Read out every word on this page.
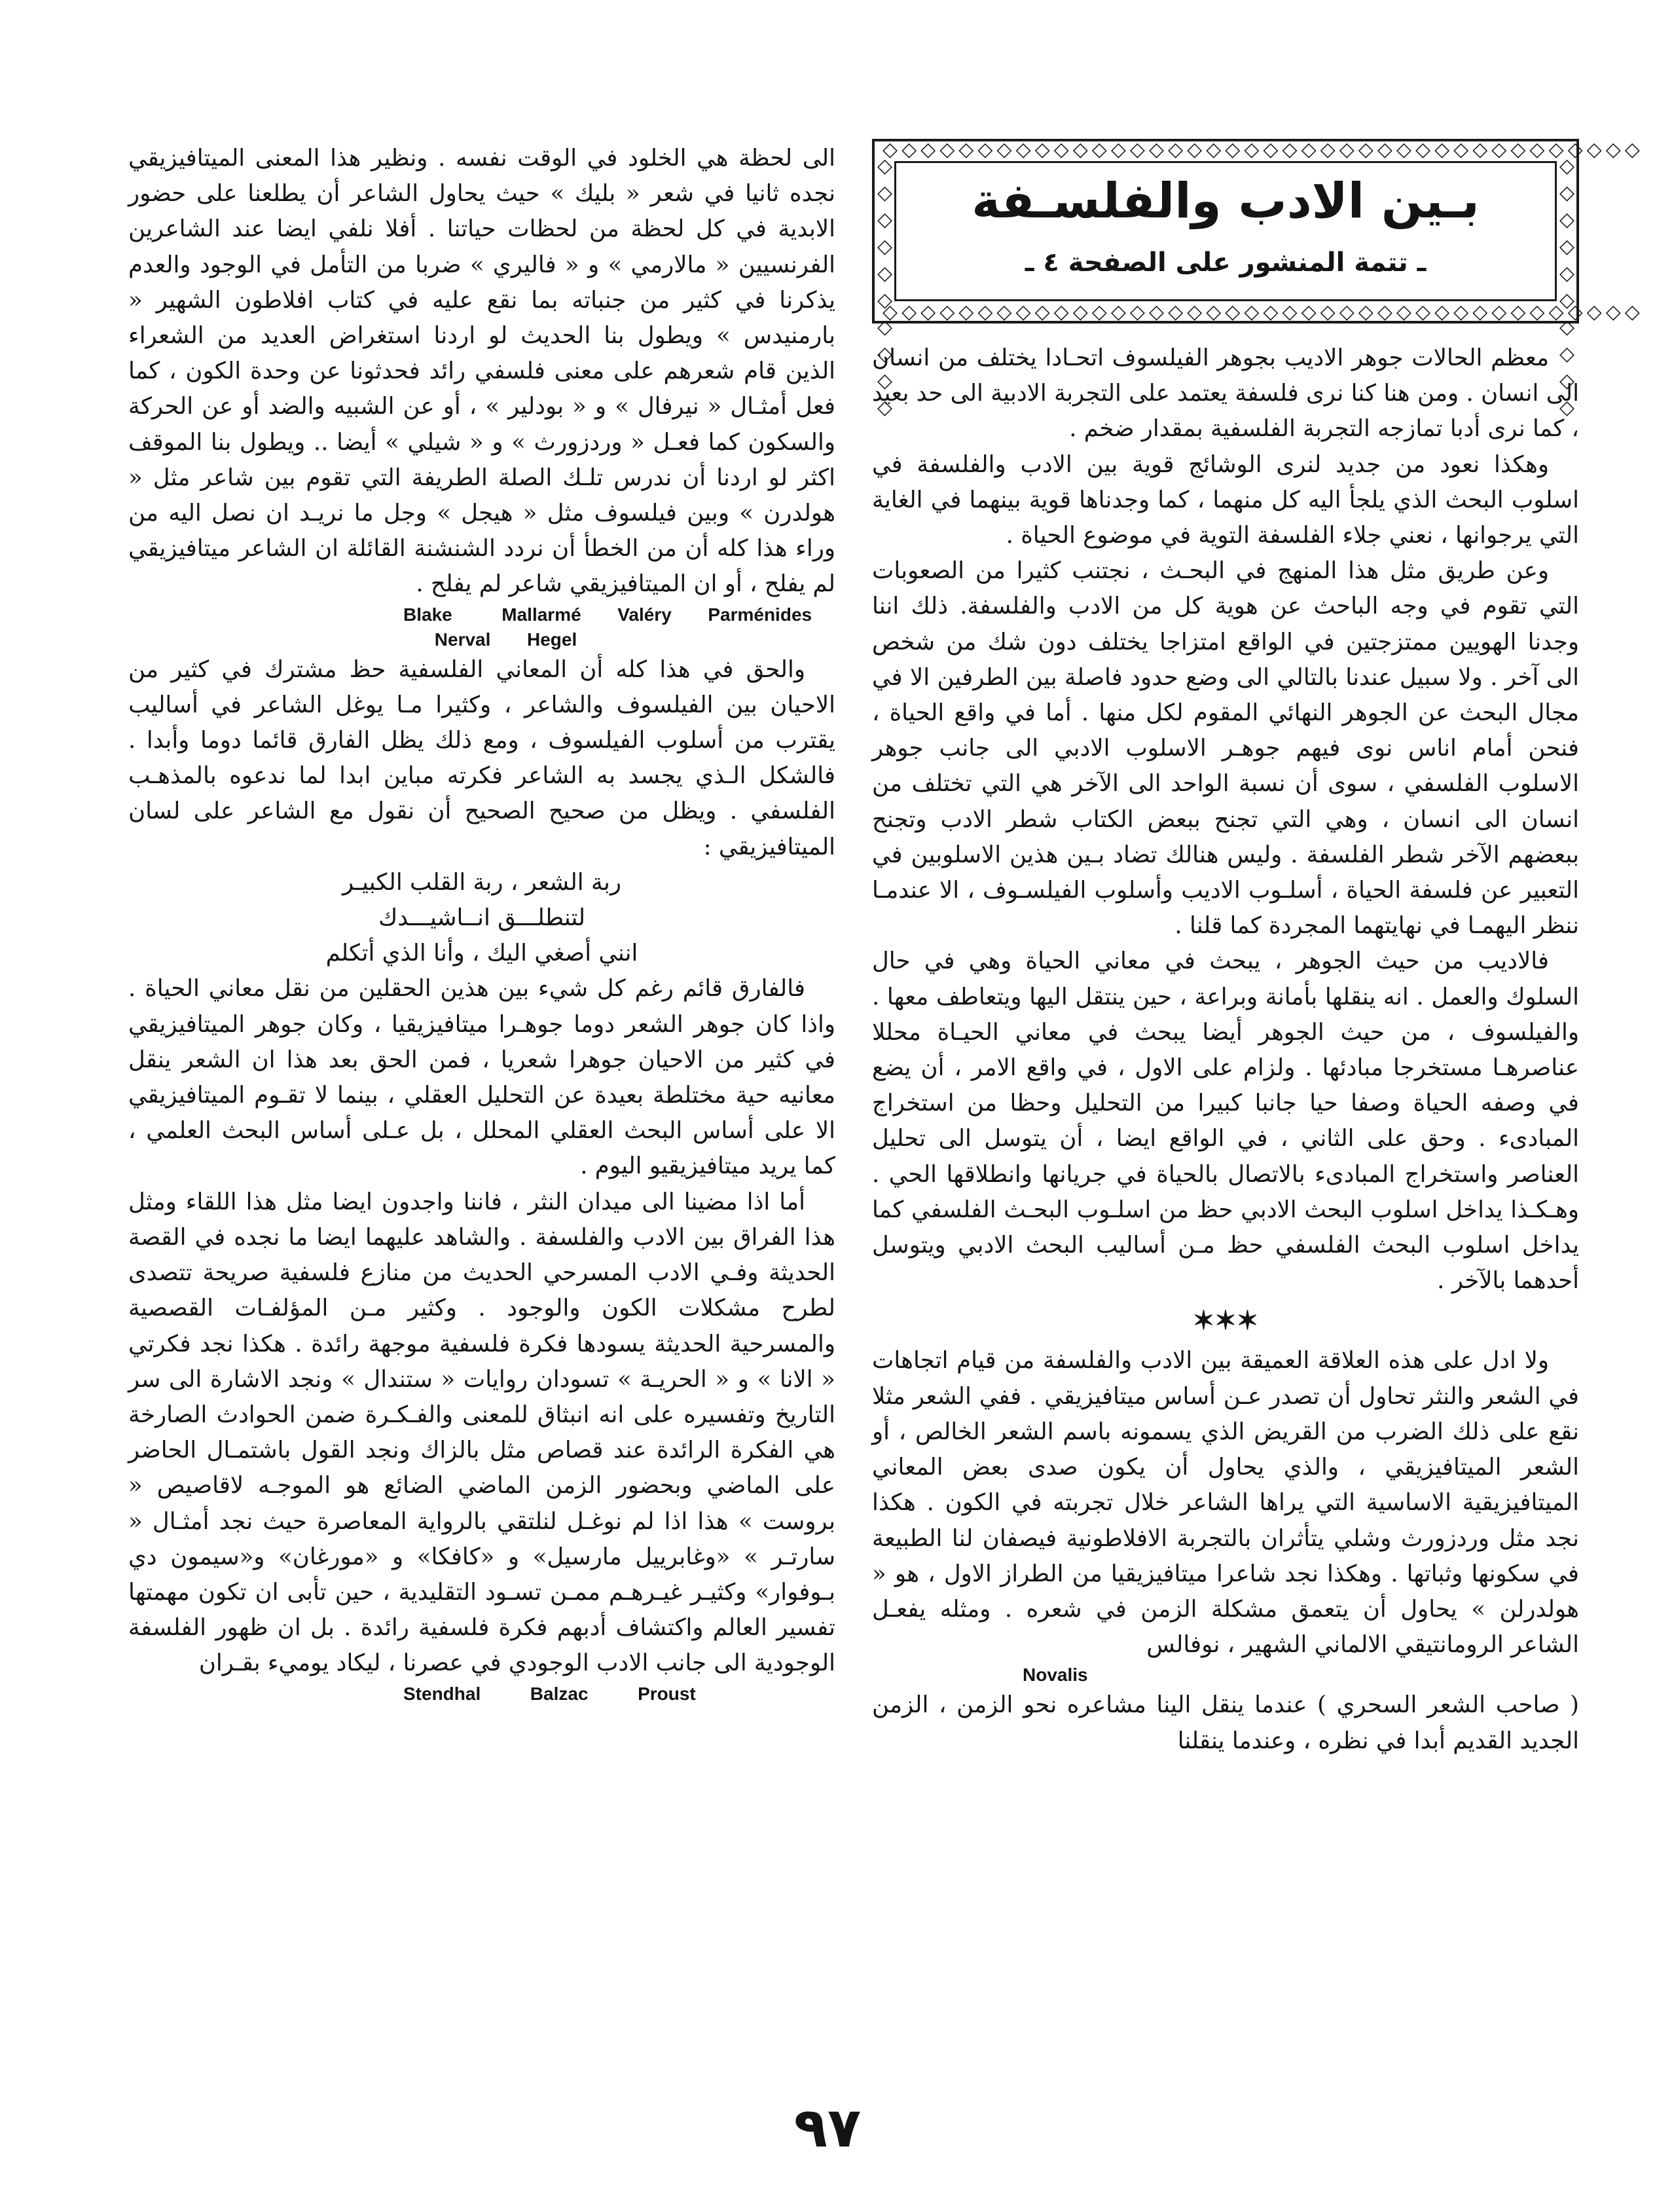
◇◇◇◇◇◇◇◇◇◇◇◇◇◇◇◇◇◇◇◇◇◇◇◇◇◇◇◇◇◇◇◇◇◇◇◇◇◇◇◇
◇◇◇◇◇◇◇◇◇◇◇◇◇◇◇◇◇◇◇◇◇◇◇◇◇◇◇◇◇◇◇◇◇◇◇◇◇◇◇◇
◇◇◇◇◇◇◇◇◇◇	◇◇◇◇◇◇◇◇◇◇
بـين الادب والفلسـفة
ـ تتمة المنشور على الصفحة ٤ ـ

معظم الحالات جوهر الاديب بجوهر الفيلسوف اتحـادا يختلف من انسان الى انسان . ومن هنا كنا نرى فلسفة يعتمد على التجربة الادبية الى حد بعيد ، كما نرى أدبا تمازجه التجربة الفلسفية بمقدار ضخم .

وهكذا نعود من جديد لنرى الوشائج قوية بين الادب والفلسفة في اسلوب البحث الذي يلجأ اليه كل منهما ، كما وجدناها قوية بينهما في الغاية التي يرجوانها ، نعني جلاء الفلسفة التوية في موضوع الحياة .

وعن طريق مثل هذا المنهج في البحـث ، نجتنب كثيرا من الصعوبات التي تقوم في وجه الباحث عن هوية كل من الادب والفلسفة. ذلك اننا وجدنا الهويين ممتزجتين في الواقع امتزاجا يختلف دون شك من شخص الى آخر . ولا سبيل عندنا بالتالي الى وضع حدود فاصلة بين الطرفين الا في مجال البحث عن الجوهر النهائي المقوم لكل منها . أما في واقع الحياة ، فنحن أمام اناس نوى فيهم جوهـر الاسلوب الادبي الى جانب جوهر الاسلوب الفلسفي ، سوى أن نسبة الواحد الى الآخر هي التي تختلف من انسان الى انسان ، وهي التي تجنح ببعض الكتاب شطر الادب وتجنح ببعضهم الآخر شطر الفلسفة . وليس هنالك تضاد بـين هذين الاسلوبين في التعبير عن فلسفة الحياة ، أسلـوب الاديب وأسلوب الفيلسـوف ، الا عندمـا ننظر اليهمـا في نهايتهما المجردة كما قلنا .

فالاديب من حيث الجوهر ، يبحث في معاني الحياة وهي في حال السلوك والعمل . انه ينقلها بأمانة وبراعة ، حين ينتقل اليها ويتعاطف معها . والفيلسوف ، من حيث الجوهر أيضا يبحث في معاني الحيـاة محللا عناصرهـا مستخرجا مبادئها . ولزام على الاول ، في واقع الامر ، أن يضع في وصفه الحياة وصفا حيا جانبا كبيرا من التحليل وحظا من استخراج المبادىء . وحق على الثاني ، في الواقع ايضا ، أن يتوسل الى تحليل العناصر واستخراج المبادىء بالاتصال بالحياة في جريانها وانطلاقها الحي . وهـكـذا يداخل اسلوب البحث الادبي حظ من اسلـوب البحـث الفلسفي كما يداخل اسلوب البحث الفلسفي حظ مـن أساليب البحث الادبي ويتوسل أحدهما بالآخر .

✶✶✶

ولا ادل على هذه العلاقة العميقة بين الادب والفلسفة من قيام اتجاهات في الشعر والنثر تحاول أن تصدر عـن أساس ميتافيزيقي . ففي الشعر مثلا نقع على ذلك الضرب من القريض الذي يسمونه باسم الشعر الخالص ، أو الشعر الميتافيزيقي ، والذي يحاول أن يكون صدى بعض المعاني الميتافيزيقية الاساسية التي يراها الشاعر خلال تجربته في الكون . هكذا نجد مثل وردزورث وشلي يتأثران بالتجربة الافلاطونية فيصفان لنا الطبيعة في سكونها وثباتها . وهكذا نجد شاعرا ميتافيزيقيا من الطراز الاول ، هو « هولدرلن » يحاول أن يتعمق مشكلة الزمن في شعره . ومثله يفعـل الشاعر الرومانتيقي الالماني الشهير ، نوفالس

Novalis

( صاحب الشعر السحري ) عندما ينقل الينا مشاعره نحو الزمن ، الزمن الجديد القديم أبدا في نظره ، وعندما ينقلنا

الى لحظة هي الخلود في الوقت نفسه . ونظير هذا المعنى الميتافيزيقي نجده ثانيا في شعر « بليك » حيث يحاول الشاعر أن يطلعنا على حضور الابدية في كل لحظة من لحظات حياتنا . أفلا نلفي ايضا عند الشاعرين الفرنسيين « مالارمي » و « فاليري » ضربا من التأمل في الوجود والعدم يذكرنا في كثير من جنباته بما نقع عليه في كتاب افلاطون الشهير « بارمنيدس » ويطول بنا الحديث لو اردنا استغراض العديد من الشعراء الذين قام شعرهم على معنى فلسفي رائد فحدثونا عن وحدة الكون ، كما فعل أمثـال « نيرفال » و « بودلير » ، أو عن الشبيه والضد أو عن الحركة والسكون كما فعـل « وردزورث » و « شيلي » أيضا .. ويطول بنا الموقف اكثر لو اردنا أن ندرس تلـك الصلة الطريفة التي تقوم بين شاعر مثل « هولدرن » وبين فيلسوف مثل « هيجل » وجل ما نريـد ان نصل اليه من وراء هذا كله أن من الخطأ أن نردد الشنشنة القائلة ان الشاعر ميتافيزيقي لم يفلح ، أو ان الميتافيزيقي شاعر لم يفلح .

Blake	Mallarmé Valéry Parménides  Nerval Hegel

والحق في هذا كله أن المعاني الفلسفية حظ مشترك في كثير من الاحيان بين الفيلسوف والشاعر ، وكثيرا مـا يوغل الشاعر في أساليب يقترب من أسلوب الفيلسوف ، ومع ذلك يظل الفارق قائما دوما وأبدا . فالشكل الـذي يجسد به الشاعر فكرته مباين ابدا لما ندعوه بالمذهـب الفلسفي . ويظل من صحيح الصحيح أن نقول مع الشاعر على لسان الميتافيزيقي :

ربة الشعر ، ربة القلب الكبيـر

لتنطلـــق انــاشيـــدك

انني أصغي اليك ، وأنا الذي أتكلم

فالفارق قائم رغم كل شيء بين هذين الحقلين من نقل معاني الحياة . واذا كان جوهر الشعر دوما جوهـرا ميتافيزيقيا ، وكان جوهر الميتافيزيقي في كثير من الاحيان جوهرا شعريا ، فمن الحق بعد هذا ان الشعر ينقل معانيه حية مختلطة بعيدة عن التحليل العقلي ، بينما لا تقـوم الميتافيزيقي الا على أساس البحث العقلي المحلل ، بل عـلى أساس البحث العلمي ، كما يريد ميتافيزيقيو اليوم .

أما اذا مضينا الى ميدان النثر ، فاننا واجدون ايضا مثل هذا اللقاء ومثل هذا الفراق بين الادب والفلسفة . والشاهد عليهما ايضا ما نجده في القصة الحديثة وفـي الادب المسرحي الحديث من منازع فلسفية صريحة تتصدى لطرح مشكلات الكون والوجود . وكثير مـن المؤلفـات القصصية والمسرحية الحديثة يسودها فكرة فلسفية موجهة رائدة . هكذا نجد فكرتي « الانا » و « الحريـة » تسودان روايات « ستندال » ونجد الاشارة الى سر التاريخ وتفسيره على انه انبثاق للمعنى والفـكـرة ضمن الحوادث الصارخة هي الفكرة الرائدة عند قصاص مثل بالزاك ونجد القول باشتمـال الحاضر على الماضي وبحضور الزمن الماضي الضائع هو الموجـه لاقاصيص « بروست » هذا اذا لم نوغـل لنلتقي بالرواية المعاصرة حيث نجد أمثـال « سارتـر » «وغابرييل مارسيل» و «كافكا» و «مورغان» و«سيمون دي بـوفوار» وكثيـر غيـرهـم ممـن تسـود التقليدية ، حين تأبى ان تكون مهمتها تفسير العالم واكتشاف أدبهم فكرة فلسفية رائدة . بل ان ظهور الفلسفة الوجودية الى جانب الادب الوجودي في عصرنا ، ليكاد يوميء بقـران

Stendhal	Balzac	Proust
٩٧
